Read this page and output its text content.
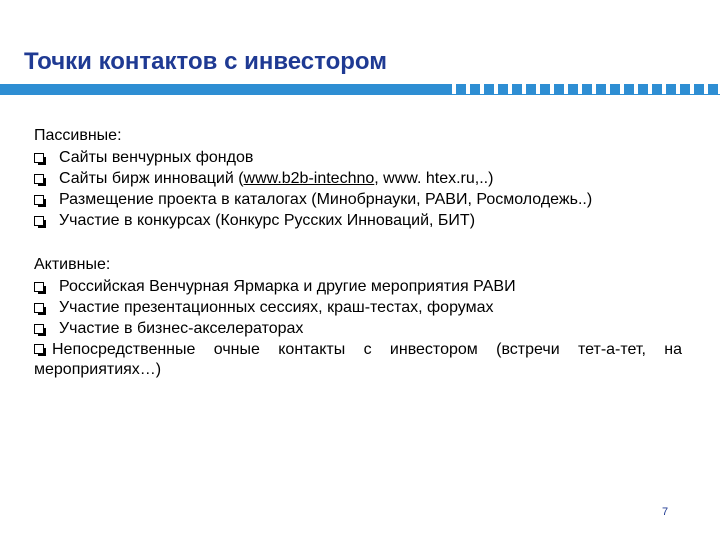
Точки контактов с инвестором
Пассивные:
Сайты венчурных фондов
Сайты бирж инноваций (www.b2b-intechno, www. htex.ru,..)
Размещение проекта в каталогах (Минобрнауки, РАВИ, Росмолодежь..)
Участие в конкурсах (Конкурс Русских Инноваций, БИТ)
Активные:
Российская Венчурная Ярмарка и другие мероприятия РАВИ
Участие презентационных сессиях, краш-тестах, форумах
Участие в бизнес-акселераторах
Непосредственные очные контакты с инвестором (встречи тет-а-тет, на мероприятиях…)
7
